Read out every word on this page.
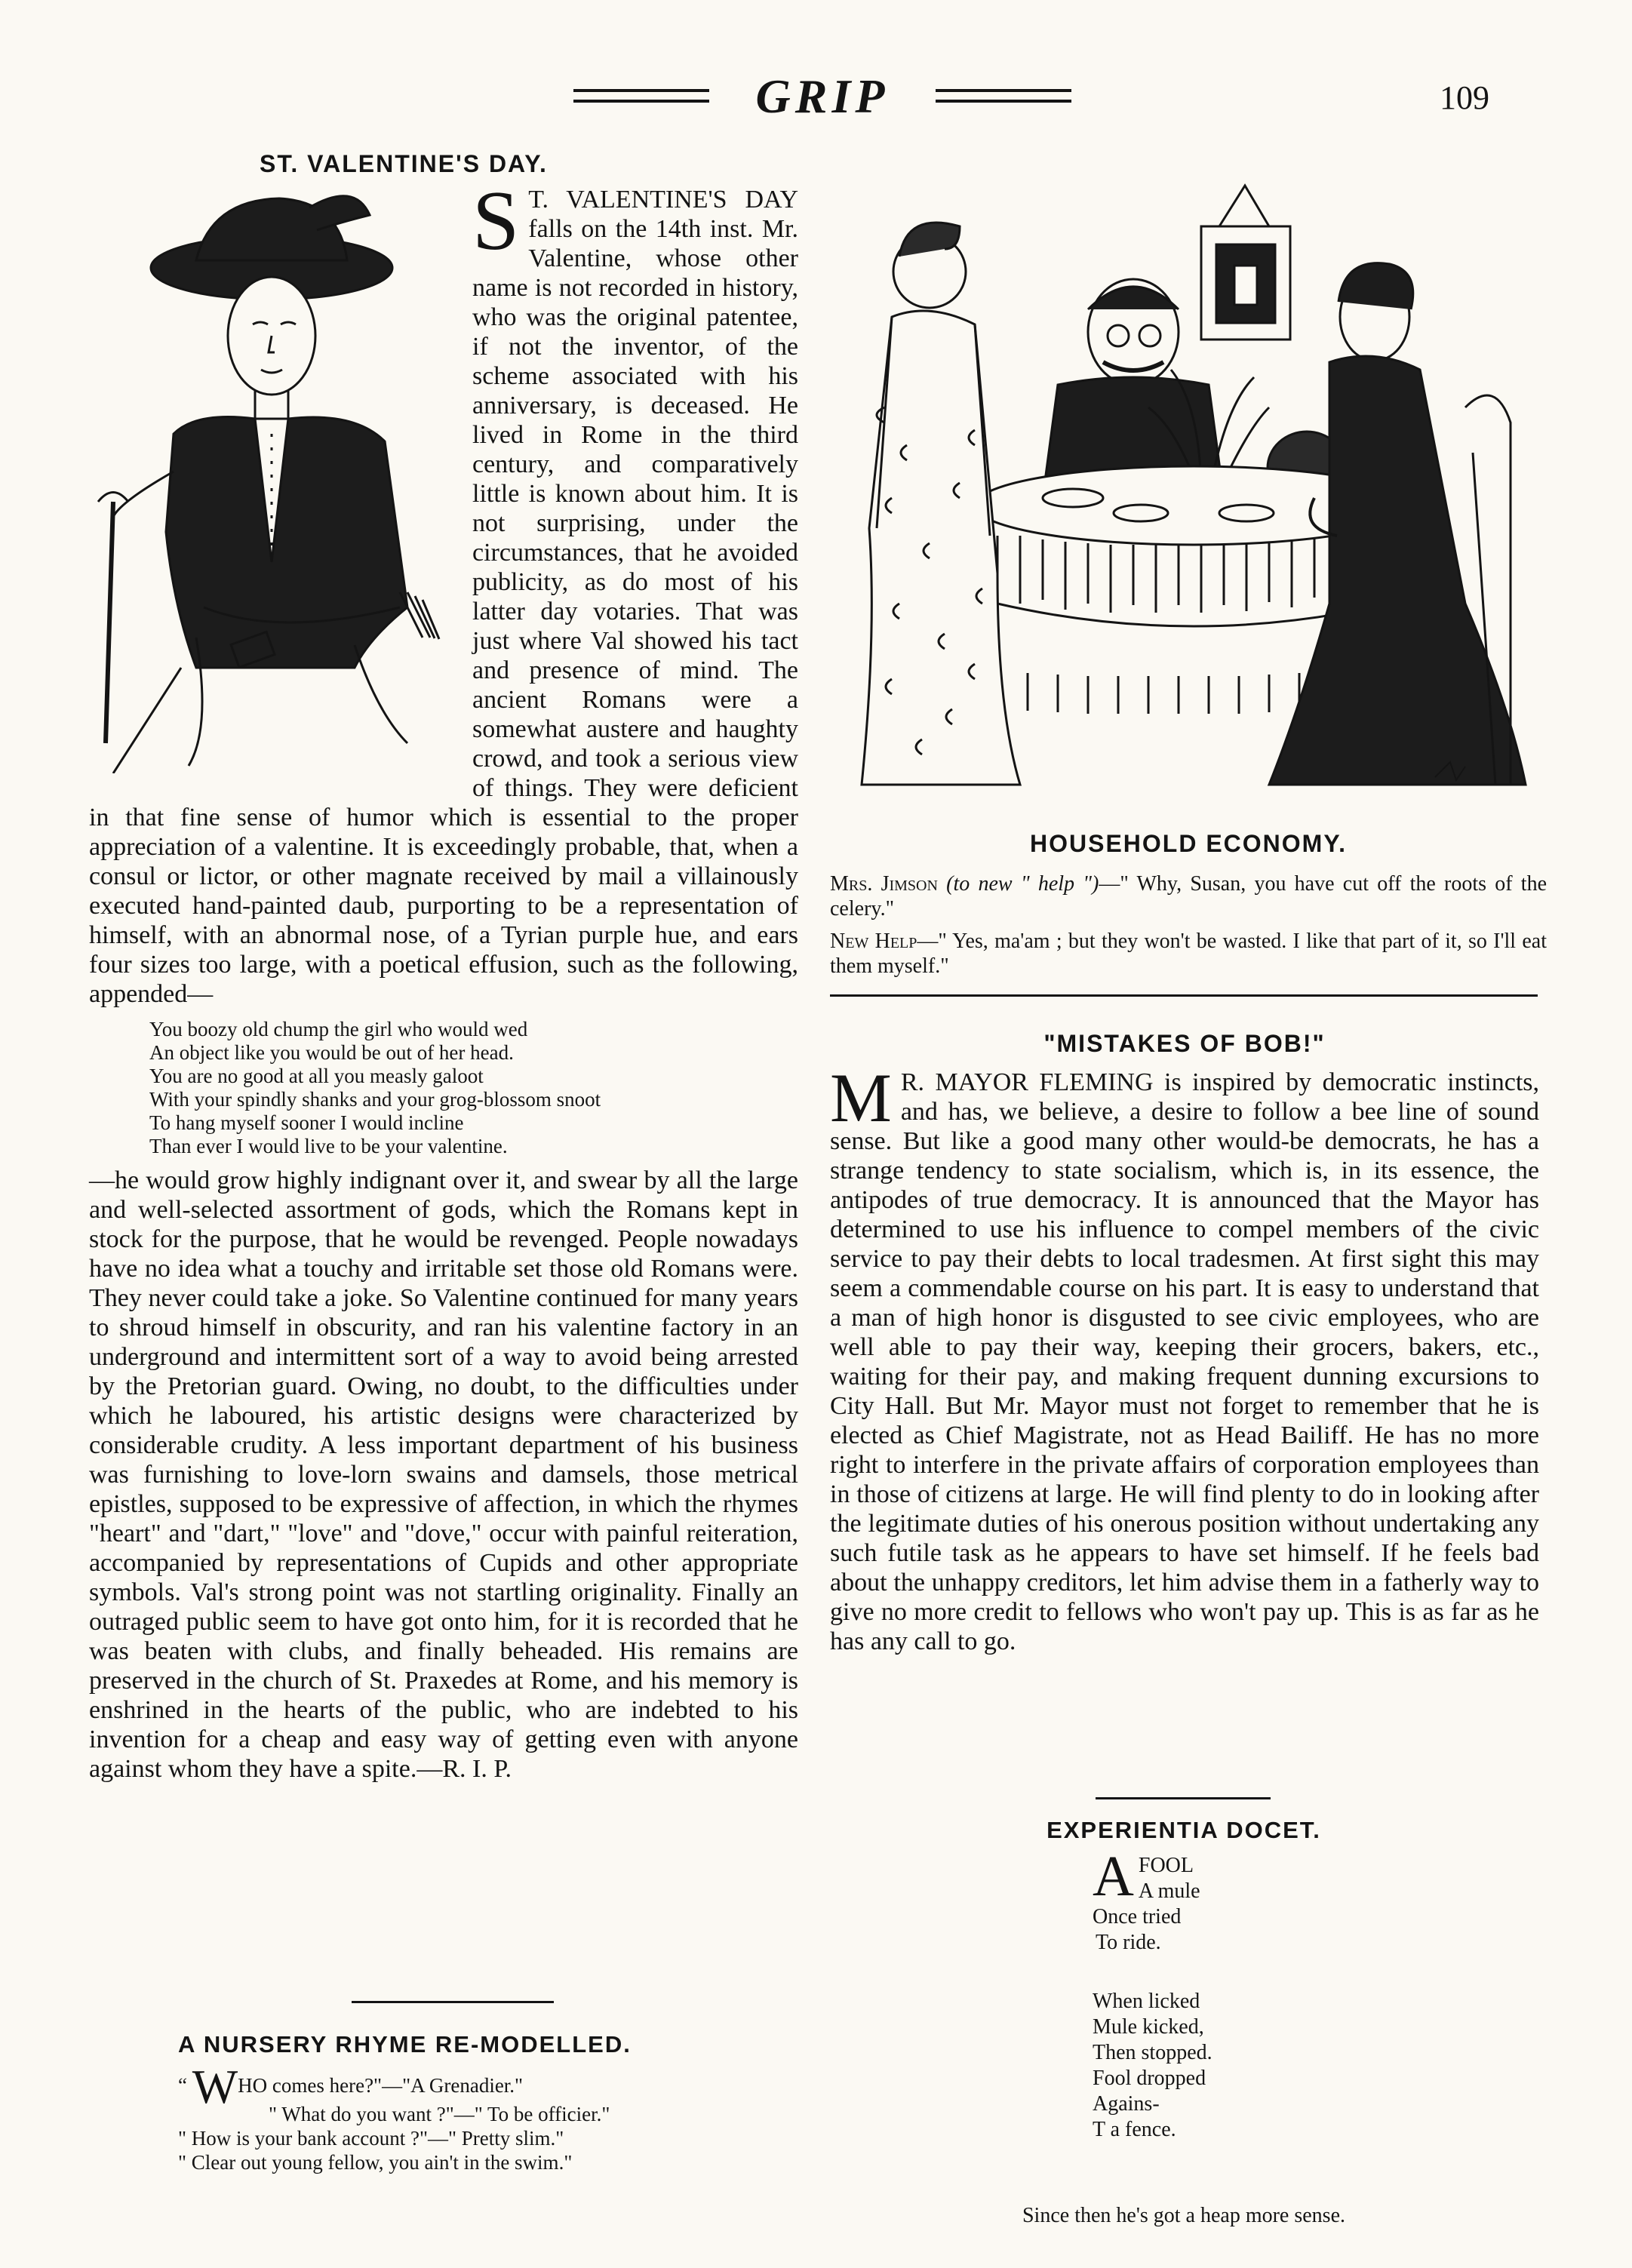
GRIP	109
ST. VALENTINE'S DAY.

S T. VALENTINE'S DAY falls on the 14th inst. Mr. Valentine, whose other name is not recorded in history, who was the original patentee, if not the inventor, of the scheme associated with his anniversary, is deceased. He lived in Rome in the third century, and comparatively little is known about him. It is not surprising, under the circumstances, that he avoided publicity, as do most of his latter day votaries. That was just where Val showed his tact and presence of mind. The ancient Romans were a somewhat austere and haughty crowd, and took a serious view of things. They were deficient in that fine sense of humor which is essential to the proper appreciation of a valentine. It is exceedingly probable, that, when a consul or lictor, or other magnate received by mail a villainously executed hand-painted daub, purporting to be a representation of himself, with an abnormal nose, of a Tyrian purple hue, and ears four sizes too large, with a poetical effusion, such as the following, appended—

You boozy old chump the girl who would wed
An object like you would be out of her head.
You are no good at all you measly galoot
With your spindly shanks and your grog-blossom snoot
To hang myself sooner I would incline
Than ever I would live to be your valentine.

—he would grow highly indignant over it, and swear by all the large and well-selected assortment of gods, which the Romans kept in stock for the purpose, that he would be revenged. People nowadays have no idea what a touchy and irritable set those old Romans were. They never could take a joke. So Valentine continued for many years to shroud himself in obscurity, and ran his valentine factory in an underground and intermittent sort of a way to avoid being arrested by the Pretorian guard. Owing, no doubt, to the difficulties under which he laboured, his artistic designs were characterized by considerable crudity. A less important department of his business was furnishing to love-lorn swains and damsels, those metrical epistles, supposed to be expressive of affection, in which the rhymes "heart" and "dart," "love" and "dove," occur with painful reiteration, accompanied by representations of Cupids and other appropriate symbols. Val's strong point was not startling originality. Finally an outraged public seem to have got onto him, for it is recorded that he was beaten with clubs, and finally beheaded. His remains are preserved in the church of St. Praxedes at Rome, and his memory is enshrined in the hearts of the public, who are indebted to his invention for a cheap and easy way of getting even with anyone against whom they have a spite.—R. I. P.

A NURSERY RHYME RE-MODELLED.
“ WHO comes here?"—"A Grenadier."
" What do you want ?"—" To be officier."
" How is your bank account ?"—" Pretty slim."
" Clear out young fellow, you ain't in the swim."
HOUSEHOLD ECONOMY.

Mrs. Jimson (to new " help ")—" Why, Susan, you have cut off the roots of the celery."

New Help—" Yes, ma'am ; but they won't be wasted. I like that part of it, so I'll eat them myself."

"MISTAKES OF BOB!"

M R. MAYOR FLEMING is inspired by democratic instincts, and has, we believe, a desire to follow a bee line of sound sense. But like a good many other would-be democrats, he has a strange tendency to state socialism, which is, in its essence, the antipodes of true democracy. It is announced that the Mayor has determined to use his influence to compel members of the civic service to pay their debts to local tradesmen. At first sight this may seem a commendable course on his part. It is easy to understand that a man of high honor is disgusted to see civic employees, who are well able to pay their way, keeping their grocers, bakers, etc., waiting for their pay, and making frequent dunning excursions to City Hall. But Mr. Mayor must not forget to remember that he is elected as Chief Magistrate, not as Head Bailiff. He has no more right to interfere in the private affairs of corporation employees than in those of citizens at large. He will find plenty to do in looking after the legitimate duties of his onerous position without undertaking any such futile task as he appears to have set himself. If he feels bad about the unhappy creditors, let him advise them in a fatherly way to give no more credit to fellows who won't pay up. This is as far as he has any call to go.

EXPERIENTIA DOCET.
A FOOL
A mule
Once tried
To ride.
When licked
Mule kicked,
Then stopped.
Fool dropped
Agains-
T a fence.
Since then he's got a heap more sense.
